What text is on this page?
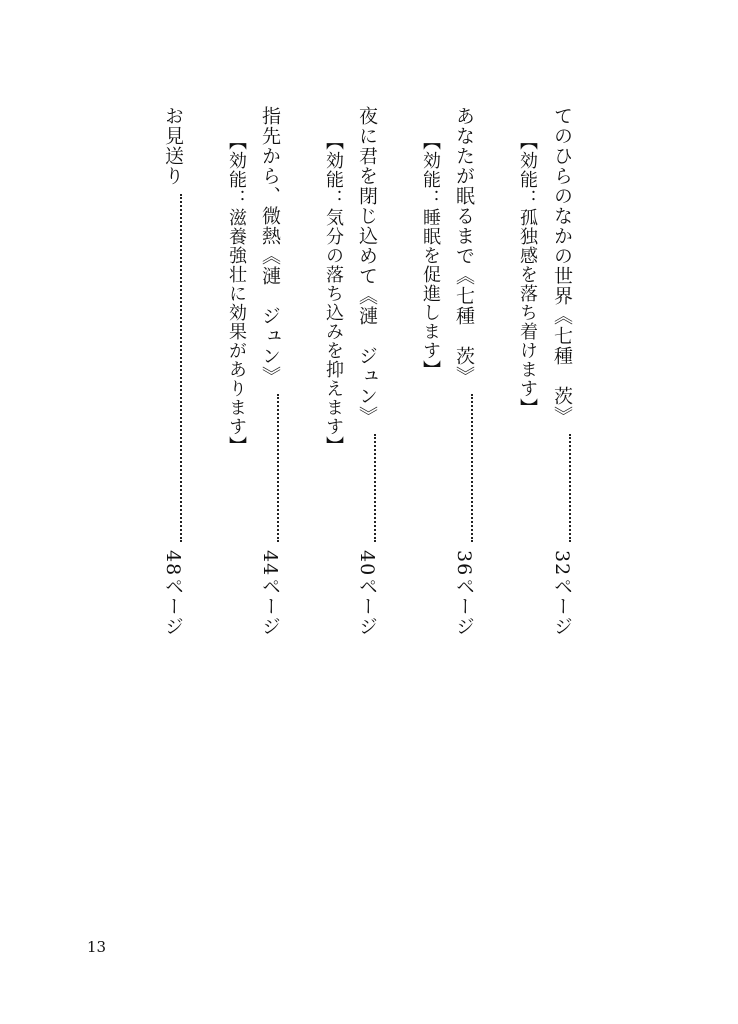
てのひらのなかの世界《七種　茨》
32ページ
【効能：孤独感を落ち着けます】
あなたが眠るまで《七種　茨》
36ページ
【効能：睡眠を促進します】
夜に君を閉じ込めて《漣　ジュン》
40ページ
【効能：気分の落ち込みを抑えます】
指先から、微熱《漣　ジュン》
44ページ
【効能：滋養強壮に効果があります】
お見送り
48ページ
13
